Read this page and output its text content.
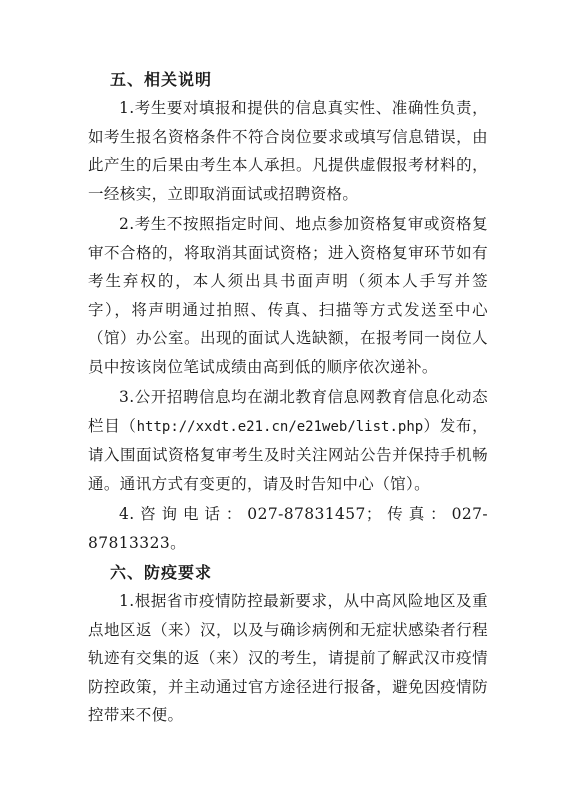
五、相关说明

1.考生要对填报和提供的信息真实性、准确性负责，如考生报名资格条件不符合岗位要求或填写信息错误，由此产生的后果由考生本人承担。凡提供虚假报考材料的，一经核实，立即取消面试或招聘资格。

2.考生不按照指定时间、地点参加资格复审或资格复审不合格的，将取消其面试资格；进入资格复审环节如有考生弃权的，本人须出具书面声明（须本人手写并签字），将声明通过拍照、传真、扫描等方式发送至中心（馆）办公室。出现的面试人选缺额，在报考同一岗位人员中按该岗位笔试成绩由高到低的顺序依次递补。

3.公开招聘信息均在湖北教育信息网教育信息化动态栏目（http://xxdt.e21.cn/e21web/list.php）发布，请入围面试资格复审考生及时关注网站公告并保持手机畅通。通讯方式有变更的，请及时告知中心（馆）。

4.咨询电话：027-87831457；传真：027-87813323。

六、防疫要求

1.根据省市疫情防控最新要求，从中高风险地区及重点地区返（来）汉，以及与确诊病例和无症状感染者行程轨迹有交集的返（来）汉的考生，请提前了解武汉市疫情防控政策，并主动通过官方途径进行报备，避免因疫情防控带来不便。
